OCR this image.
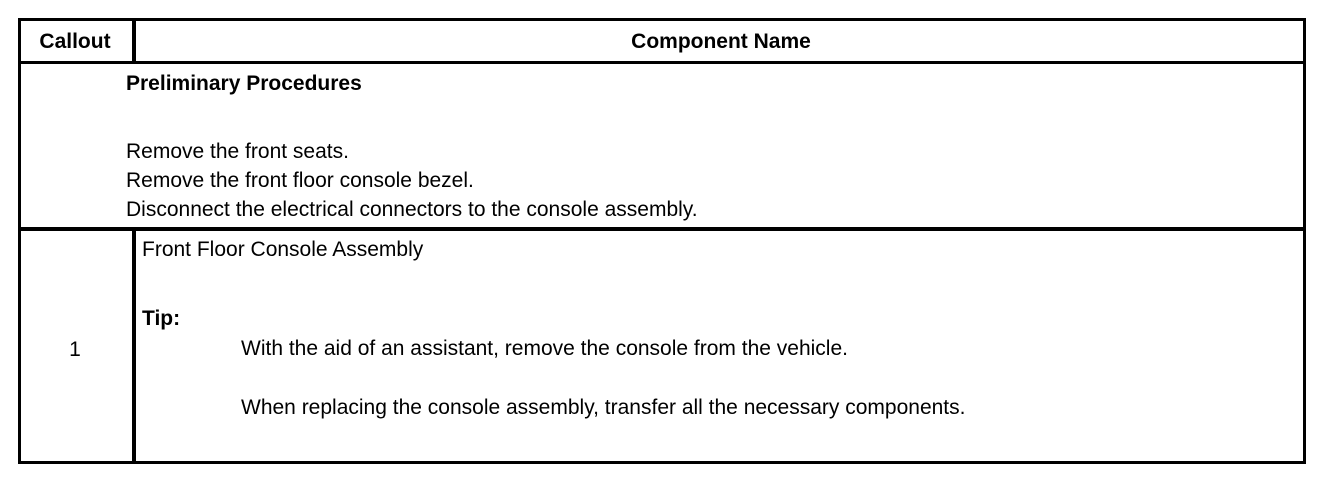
Callout	Component Name
Preliminary Procedures
Remove the front seats.
Remove the front floor console bezel.
Disconnect the electrical connectors to the console assembly.
1
Front Floor Console Assembly
Tip:
With the aid of an assistant, remove the console from the vehicle.
When replacing the console assembly, transfer all the necessary components.
